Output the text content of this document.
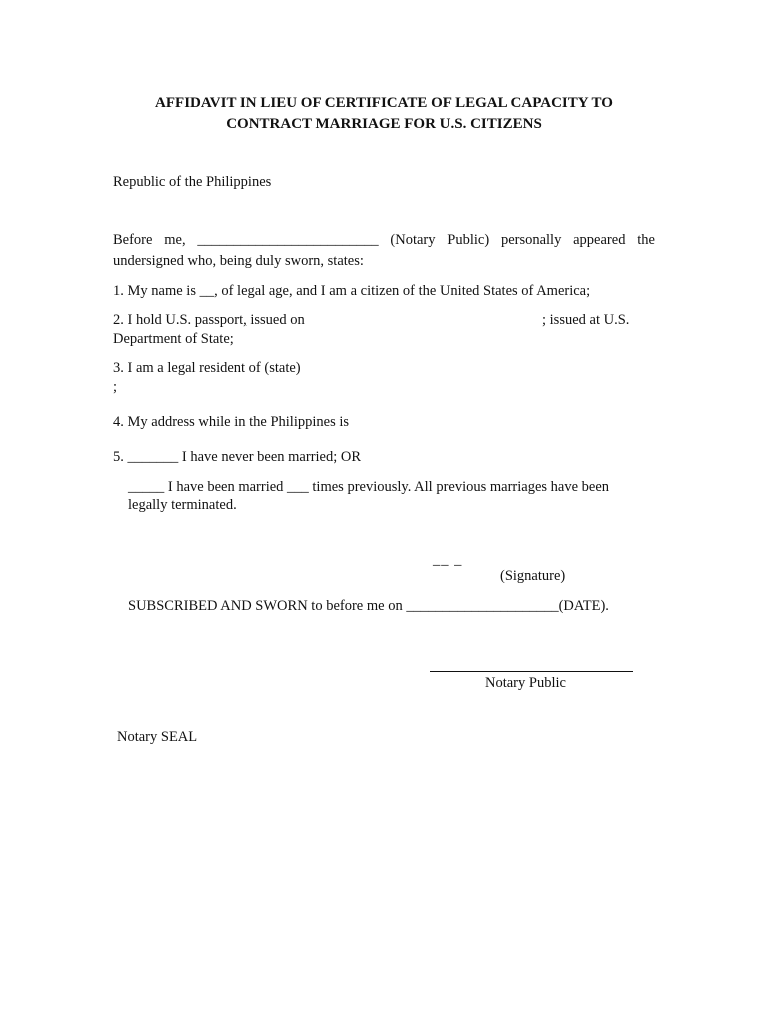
AFFIDAVIT IN LIEU OF CERTIFICATE OF LEGAL CAPACITY TO
CONTRACT MARRIAGE FOR U.S. CITIZENS
Republic of the Philippines
Before me, _________________________ (Notary Public) personally appeared the
undersigned who, being duly sworn, states:
1. My name is __, of legal age, and I am a citizen of the United States of America;
2. I hold U.S. passport, issued on	; issued at U.S.
Department of State;
3. I am a legal resident of (state)
;
4. My address while in the Philippines is
5. _______ I have never been married; OR
_____ I have been married ___ times previously. All previous marriages have been
legally terminated.
__ _
(Signature)
SUBSCRIBED AND SWORN to before me on _____________________(DATE).
Notary Public
Notary SEAL
